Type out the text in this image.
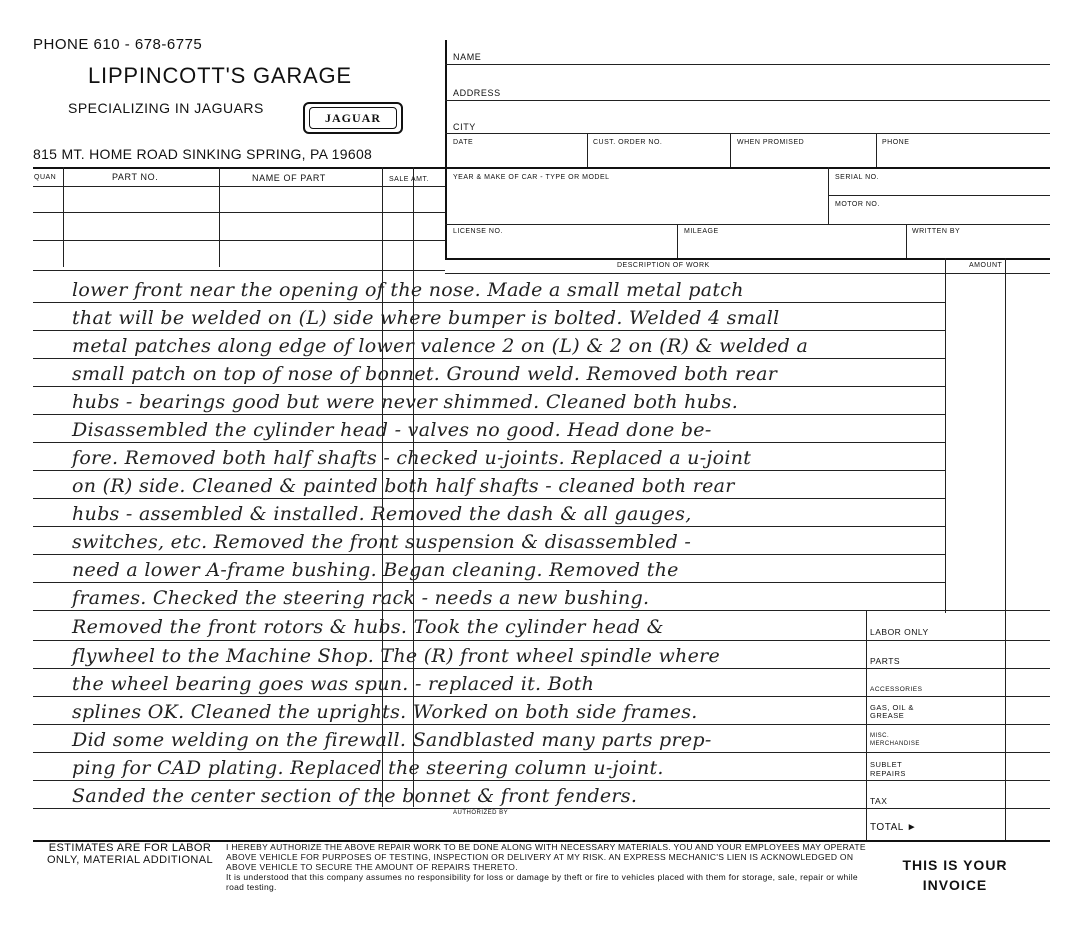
PHONE 610 - 678-6775
LIPPINCOTT'S GARAGE
SPECIALIZING IN JAGUARS
JAGUAR
815 MT. HOME ROAD SINKING SPRING, PA 19608
QUAN	PART NO.	NAME OF PART	SALE AMT.
NAME
ADDRESS
CITY
DATE	CUST. ORDER NO.	WHEN PROMISED	PHONE
YEAR & MAKE OF CAR - TYPE OR MODEL	SERIAL NO.
MOTOR NO.
LICENSE NO.	MILEAGE	WRITTEN BY
DESCRIPTION OF WORK	AMOUNT
LABOR ONLY
PARTS
ACCESSORIES
GAS, OIL & GREASE
MISC. MERCHANDISE
SUBLET REPAIRS
TAX
TOTAL ►
AUTHORIZED BY
lower front near the opening of the nose. Made a small metal patch
that will be welded on (L) side where bumper is bolted. Welded 4 small
metal patches along edge of lower valence 2 on (L) & 2 on (R) & welded a
small patch on top of nose of bonnet. Ground weld. Removed both rear
hubs - bearings good but were never shimmed. Cleaned both hubs.
Disassembled the cylinder head - valves no good. Head done be-
fore. Removed both half shafts - checked u-joints. Replaced a u-joint
on (R) side. Cleaned & painted both half shafts - cleaned both rear
hubs - assembled & installed. Removed the dash & all gauges,
switches, etc. Removed the front suspension & disassembled -
need a lower A-frame bushing. Began cleaning. Removed the
frames. Checked the steering rack - needs a new bushing.
Removed the front rotors & hubs. Took the cylinder head &
flywheel to the Machine Shop. The (R) front wheel spindle where
the wheel bearing goes was spun. - replaced it. Both
splines OK. Cleaned the uprights. Worked on both side frames.
Did some welding on the firewall. Sandblasted many parts prep-
ping for CAD plating. Replaced the steering column u-joint.
Sanded the center section of the bonnet & front fenders.
ESTIMATES ARE FOR LABOR ONLY, MATERIAL ADDITIONAL
I HEREBY AUTHORIZE THE ABOVE REPAIR WORK TO BE DONE ALONG WITH NECESSARY MATERIALS. YOU AND YOUR EMPLOYEES MAY OPERATE ABOVE VEHICLE FOR PURPOSES OF TESTING, INSPECTION OR DELIVERY AT MY RISK. AN EXPRESS MECHANIC'S LIEN IS ACKNOWLEDGED ON ABOVE VEHICLE TO SECURE THE AMOUNT OF REPAIRS THERETO.
It is understood that this company assumes no responsibility for loss or damage by theft or fire to vehicles placed with them for storage, sale, repair or while road testing.
THIS IS YOUR
INVOICE
